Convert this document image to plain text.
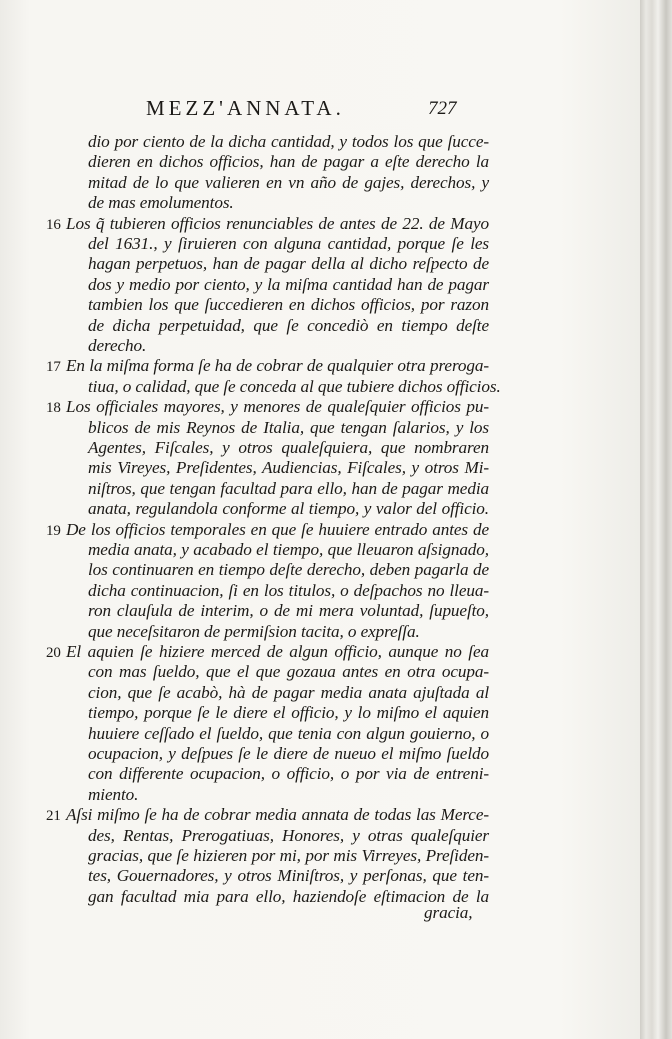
MEZZ'ANNATA.	727
dio por ciento de la dicha cantidad, y todos los que ſucce-
dieren en dichos officios, han de pagar a eſte derecho la
mitad de lo que valieren en vn año de gajes, derechos, y
de mas emolumentos.
16 Los q̃ tubieren officios renunciables de antes de 22. de Mayo
del 1631., y ſiruieren con alguna cantidad, porque ſe les
hagan perpetuos, han de pagar della al dicho reſpecto de
dos y medio por ciento, y la miſma cantidad han de pagar
tambien los que ſuccedieren en dichos officios, por razon
de dicha perpetuidad, que ſe concediò en tiempo deſte
derecho.
17 En la miſma forma ſe ha de cobrar de qualquier otra preroga-
tiua, o calidad, que ſe conceda al que tubiere dichos officios.
18 Los officiales mayores, y menores de qualeſquier officios pu-
blicos de mis Reynos de Italia, que tengan ſalarios, y los
Agentes, Fiſcales, y otros qualeſquiera, que nombraren
mis Vireyes, Preſidentes, Audiencias, Fiſcales, y otros Mi-
niſtros, que tengan facultad para ello, han de pagar media
anata, regulandola conforme al tiempo, y valor del officio.
19 De los officios temporales en que ſe huuiere entrado antes de
media anata, y acabado el tiempo, que lleuaron aſsignado,
los continuaren en tiempo deſte derecho, deben pagarla de
dicha continuacion, ſi en los titulos, o deſpachos no lleua-
ron clauſula de interim, o de mi mera voluntad, ſupueſto,
que neceſsitaron de permiſsion tacita, o expreſſa.
20 El aquien ſe hiziere merced de algun officio, aunque no ſea
con mas ſueldo, que el que gozaua antes en otra ocupa-
cion, que ſe acabò, hà de pagar media anata ajuſtada al
tiempo, porque ſe le diere el officio, y lo miſmo el aquien
huuiere ceſſado el ſueldo, que tenia con algun gouierno, o
ocupacion, y deſpues ſe le diere de nueuo el miſmo ſueldo
con differente ocupacion, o officio, o por via de entreni-
miento.
21 Aſsi miſmo ſe ha de cobrar media annata de todas las Merce-
des, Rentas, Prerogatiuas, Honores, y otras qualeſquier
gracias, que ſe hizieren por mi, por mis Virreyes, Preſiden-
tes, Gouernadores, y otros Miniſtros, y perſonas, que ten-
gan facultad mia para ello, haziendoſe eſtimacion de la
gracia,
